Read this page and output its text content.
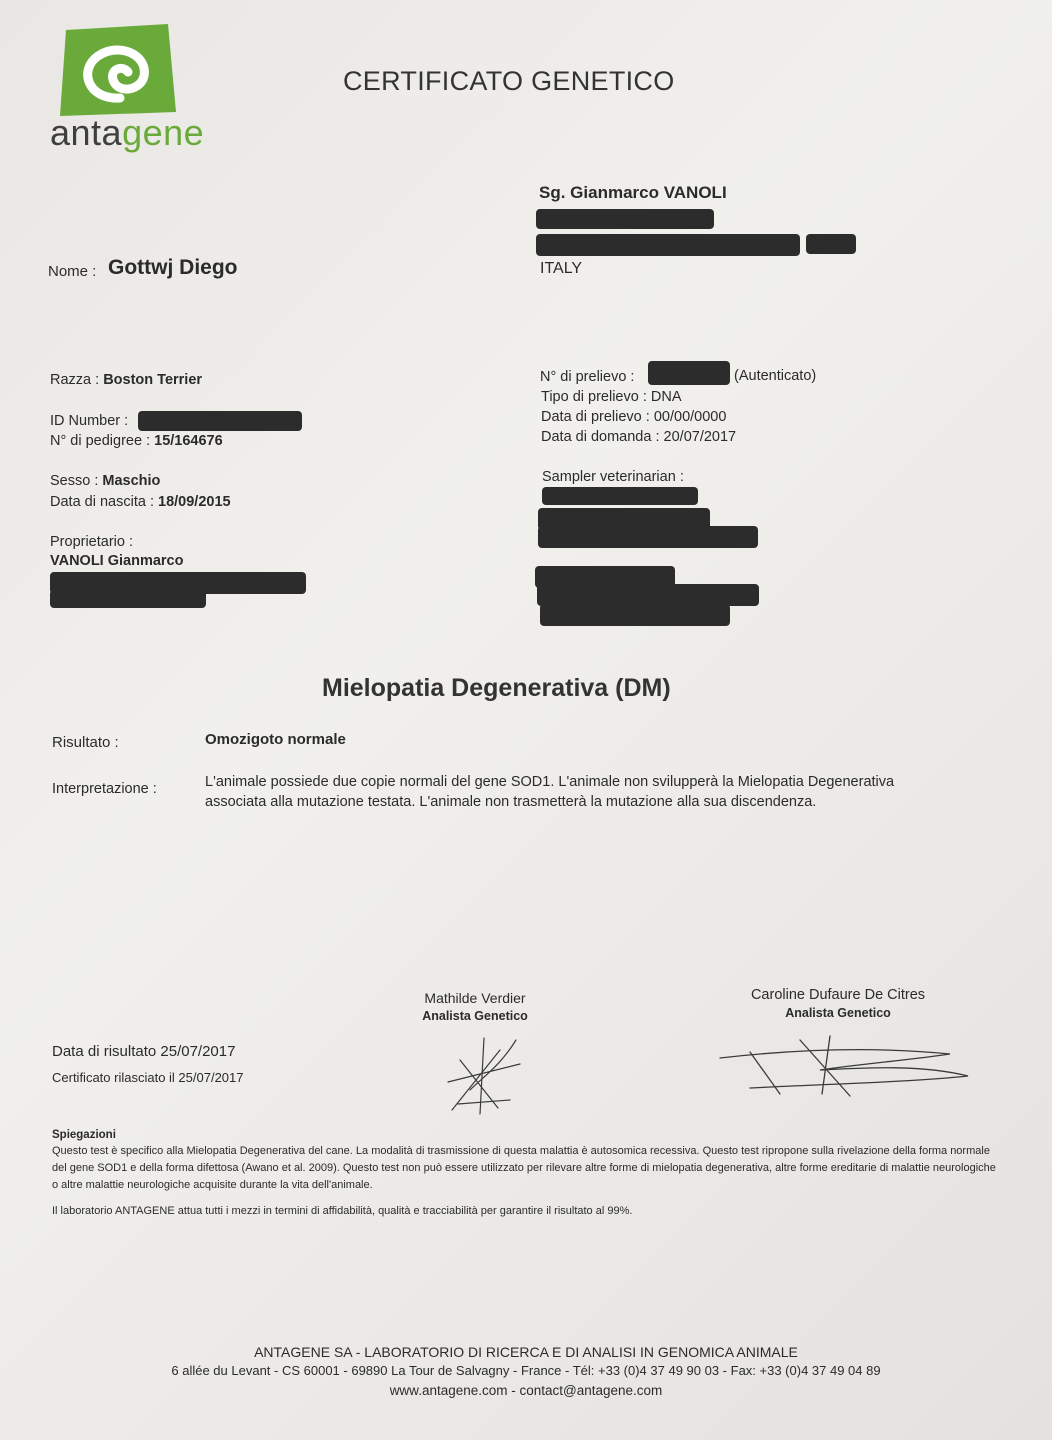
antagene
CERTIFICATO GENETICO
Sg. Gianmarco VANOLI
ITALY
Nome : Gottwj Diego
Razza : Boston Terrier
ID Number :
N° di pedigree : 15/164676
Sesso : Maschio
Data di nascita : 18/09/2015
Proprietario :
VANOLI Gianmarco
N° di prelievo :	(Autenticato)
Tipo di prelievo : DNA
Data di prelievo : 00/00/0000
Data di domanda : 20/07/2017
Sampler veterinarian :
Mielopatia Degenerativa (DM)
Risultato :	Omozigoto normale
Interpretazione :	L'animale possiede due copie normali del gene SOD1. L'animale non svilupperà la Mielopatia Degenerativa
associata alla mutazione testata. L'animale non trasmetterà la mutazione alla sua discendenza.
Mathilde Verdier
Analista Genetico
Caroline Dufaure De Citres
Analista Genetico
Data di risultato 25/07/2017
Certificato rilasciato il 25/07/2017
Spiegazioni
Questo test è specifico alla Mielopatia Degenerativa del cane. La modalità di trasmissione di questa malattia è autosomica recessiva. Questo test ripropone sulla rivelazione della forma normale del gene SOD1 e della forma difettosa (Awano et al. 2009). Questo test non può essere utilizzato per rilevare altre forme di mielopatia degenerativa, altre forme ereditarie di malattie neurologiche o altre malattie neurologiche acquisite durante la vita dell'animale.
Il laboratorio ANTAGENE attua tutti i mezzi in termini di affidabilità, qualità e tracciabilità per garantire il risultato al 99%.
ANTAGENE SA - LABORATORIO DI RICERCA E DI ANALISI IN GENOMICA ANIMALE
6 allée du Levant - CS 60001 - 69890 La Tour de Salvagny - France - Tél: +33 (0)4 37 49 90 03 - Fax: +33 (0)4 37 49 04 89
www.antagene.com - contact@antagene.com
